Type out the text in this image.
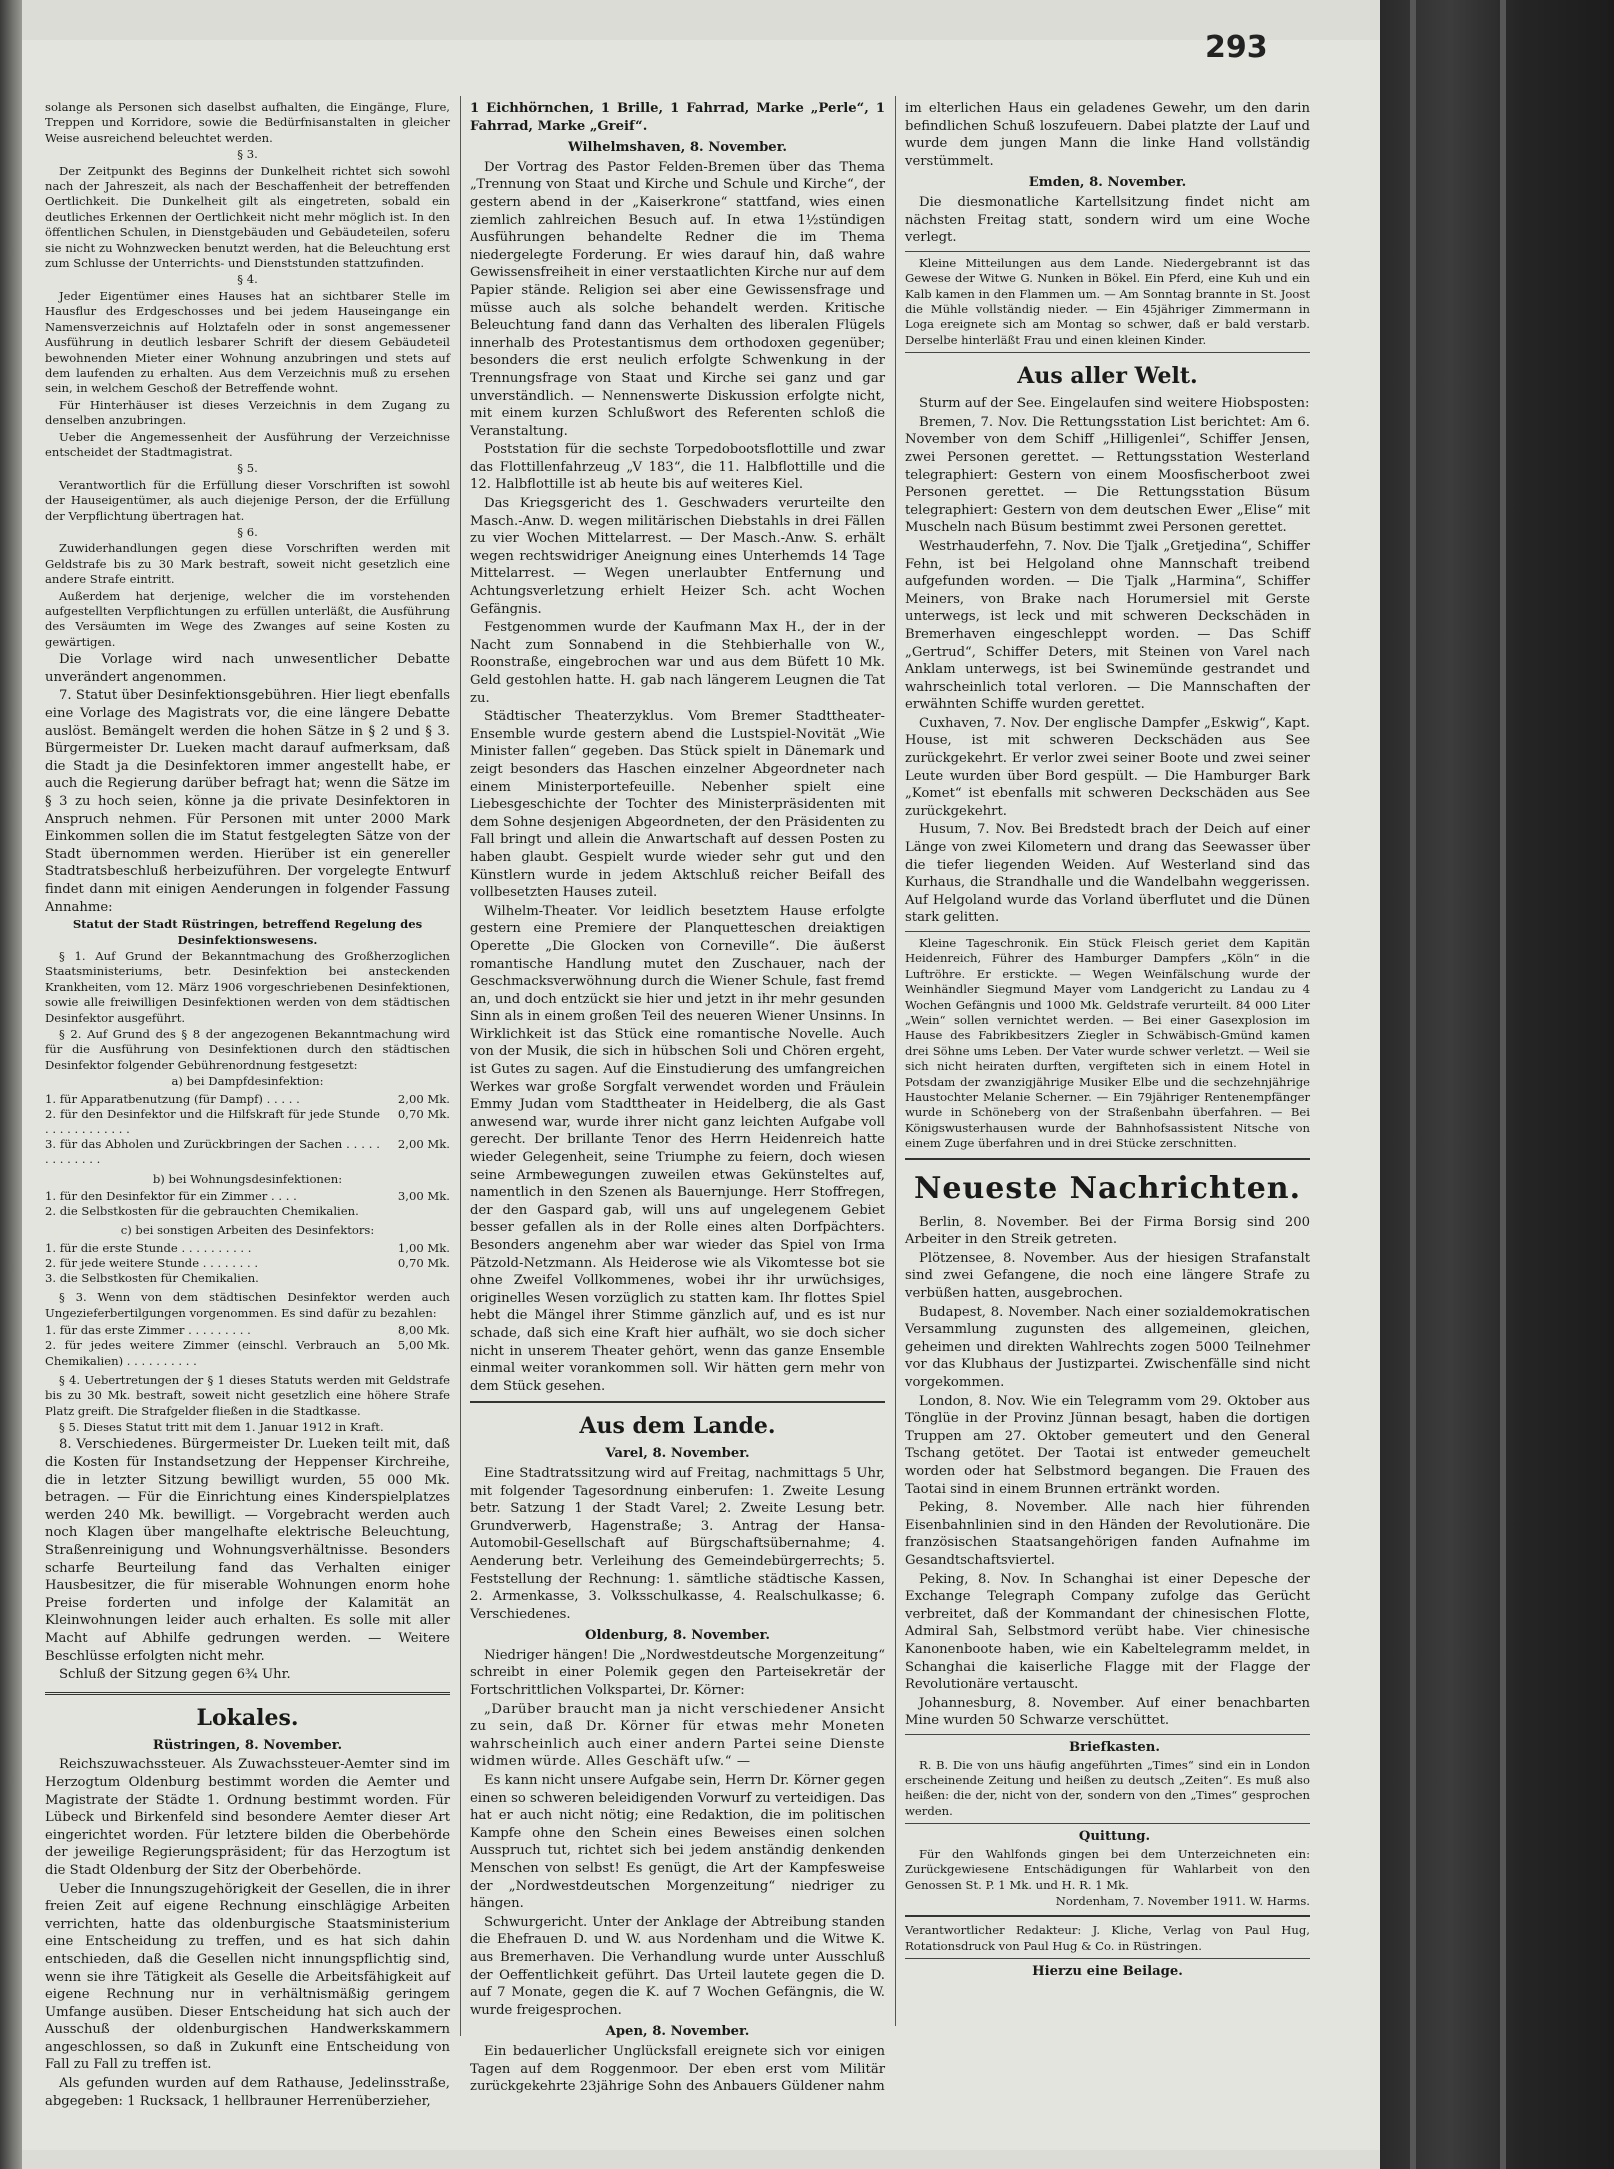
293

solange als Personen sich daselbst aufhalten, die Eingänge, Flure, Treppen und Korridore, sowie die Bedürfnisanstalten in gleicher Weise ausreichend beleuchtet werden.

§ 3.

Der Zeitpunkt des Beginns der Dunkelheit richtet sich sowohl nach der Jahreszeit, als nach der Beschaffenheit der betreffenden Oertlichkeit. Die Dunkelheit gilt als eingetreten, sobald ein deutliches Erkennen der Oertlichkeit nicht mehr möglich ist. In den öffentlichen Schulen, in Dienstgebäuden und Gebäudeteilen, soferu sie nicht zu Wohnzwecken benutzt werden, hat die Beleuchtung erst zum Schlusse der Unterrichts- und Dienststunden stattzufinden.

§ 4.

Jeder Eigentümer eines Hauses hat an sichtbarer Stelle im Hausflur des Erdgeschosses und bei jedem Hauseingange ein Namensverzeichnis auf Holztafeln oder in sonst angemessener Ausführung in deutlich lesbarer Schrift der diesem Gebäudeteil bewohnenden Mieter einer Wohnung anzubringen und stets auf dem laufenden zu erhalten. Aus dem Verzeichnis muß zu ersehen sein, in welchem Geschoß der Betreffende wohnt.

Für Hinterhäuser ist dieses Verzeichnis in dem Zugang zu denselben anzubringen.

Ueber die Angemessenheit der Ausführung der Verzeichnisse entscheidet der Stadtmagistrat.

§ 5.

Verantwortlich für die Erfüllung dieser Vorschriften ist sowohl der Hauseigentümer, als auch diejenige Person, der die Erfüllung der Verpflichtung übertragen hat.

§ 6.

Zuwiderhandlungen gegen diese Vorschriften werden mit Geldstrafe bis zu 30 Mark bestraft, soweit nicht gesetzlich eine andere Strafe eintritt.

Außerdem hat derjenige, welcher die im vorstehenden aufgestellten Verpflichtungen zu erfüllen unterläßt, die Ausführung des Versäumten im Wege des Zwanges auf seine Kosten zu gewärtigen.

Die Vorlage wird nach unwesentlicher Debatte unverändert angenommen.

7. Statut über Desinfektionsgebühren. Hier liegt ebenfalls eine Vorlage des Magistrats vor, die eine längere Debatte auslöst. Bemängelt werden die hohen Sätze in § 2 und § 3. Bürgermeister Dr. Lueken macht darauf aufmerksam, daß die Stadt ja die Desinfektoren immer angestellt habe, er auch die Regierung darüber befragt hat; wenn die Sätze im § 3 zu hoch seien, könne ja die private Desinfektoren in Anspruch nehmen. Für Personen mit unter 2000 Mark Einkommen sollen die im Statut festgelegten Sätze von der Stadt übernommen werden. Hierüber ist ein genereller Stadtratsbeschluß herbeizuführen. Der vorgelegte Entwurf findet dann mit einigen Aenderungen in folgender Fassung Annahme:

Statut der Stadt Rüstringen, betreffend Regelung des Desinfektionswesens.

§ 1. Auf Grund der Bekanntmachung des Großherzoglichen Staatsministeriums, betr. Desinfektion bei ansteckenden Krankheiten, vom 12. März 1906 vorgeschriebenen Desinfektionen, sowie alle freiwilligen Desinfektionen werden von dem städtischen Desinfektor ausgeführt.

§ 2. Auf Grund des § 8 der angezogenen Bekanntmachung wird für die Ausführung von Desinfektionen durch den städtischen Desinfektor folgender Gebührenordnung festgesetzt:

a) bei Dampfdesinfektion:

1. für Apparatbenutzung (für Dampf) . . . . .	2,00 Mk.
2. für den Desinfektor und die Hilfskraft für jede Stunde . . . . . . . . . . . .	0,70 Mk.
3. für das Abholen und Zurückbringen der Sachen . . . . . . . . . . . . .	2,00 Mk.

b) bei Wohnungsdesinfektionen:

1. für den Desinfektor für ein Zimmer . . . .	3,00 Mk.
2. die Selbstkosten für die gebrauchten Chemikalien.	

c) bei sonstigen Arbeiten des Desinfektors:

1. für die erste Stunde . . . . . . . . . .	1,00 Mk.
2. für jede weitere Stunde . . . . . . . .	0,70 Mk.
3. die Selbstkosten für Chemikalien.	

§ 3. Wenn von dem städtischen Desinfektor werden auch Ungezieferbertilgungen vorgenommen. Es sind dafür zu bezahlen:

1. für das erste Zimmer . . . . . . . . .	8,00 Mk.
2. für jedes weitere Zimmer (einschl. Verbrauch an Chemikalien) . . . . . . . . . .	5,00 Mk.

§ 4. Uebertretungen der § 1 dieses Statuts werden mit Geldstrafe bis zu 30 Mk. bestraft, soweit nicht gesetzlich eine höhere Strafe Platz greift. Die Strafgelder fließen in die Stadtkasse.

§ 5. Dieses Statut tritt mit dem 1. Januar 1912 in Kraft.

8. Verschiedenes. Bürgermeister Dr. Lueken teilt mit, daß die Kosten für Instandsetzung der Heppenser Kirchreihe, die in letzter Sitzung bewilligt wurden, 55 000 Mk. betragen. — Für die Einrichtung eines Kinderspielplatzes werden 240 Mk. bewilligt. — Vorgebracht werden auch noch Klagen über mangelhafte elektrische Beleuchtung, Straßenreinigung und Wohnungsverhältnisse. Besonders scharfe Beurteilung fand das Verhalten einiger Hausbesitzer, die für miserable Wohnungen enorm hohe Preise forderten und infolge der Kalamität an Kleinwohnungen leider auch erhalten. Es solle mit aller Macht auf Abhilfe gedrungen werden. — Weitere Beschlüsse erfolgten nicht mehr.

Schluß der Sitzung gegen 6¾ Uhr.

Lokales.

Rüstringen, 8. November.

Reichszuwachssteuer. Als Zuwachssteuer-Aemter sind im Herzogtum Oldenburg bestimmt worden die Aemter und Magistrate der Städte 1. Ordnung bestimmt worden. Für Lübeck und Birkenfeld sind besondere Aemter dieser Art eingerichtet worden. Für letztere bilden die Oberbehörde der jeweilige Regierungspräsident; für das Herzogtum ist die Stadt Oldenburg der Sitz der Oberbehörde.

Ueber die Innungszugehörigkeit der Gesellen, die in ihrer freien Zeit auf eigene Rechnung einschlägige Arbeiten verrichten, hatte das oldenburgische Staatsministerium eine Entscheidung zu treffen, und es hat sich dahin entschieden, daß die Gesellen nicht innungspflichtig sind, wenn sie ihre Tätigkeit als Geselle die Arbeitsfähigkeit auf eigene Rechnung nur in verhältnismäßig geringem Umfange ausüben. Dieser Entscheidung hat sich auch der Ausschuß der oldenburgischen Handwerkskammern angeschlossen, so daß in Zukunft eine Entscheidung von Fall zu Fall zu treffen ist.

Als gefunden wurden auf dem Rathause, Jedelinsstraße, abgegeben: 1 Rucksack, 1 hellbrauner Herrenüberzieher,

1 Eichhörnchen, 1 Brille, 1 Fahrrad, Marke „Perle“, 1 Fahrrad, Marke „Greif“.

Wilhelmshaven, 8. November.

Der Vortrag des Pastor Felden-Bremen über das Thema „Trennung von Staat und Kirche und Schule und Kirche“, der gestern abend in der „Kaiserkrone“ stattfand, wies einen ziemlich zahlreichen Besuch auf. In etwa 1½stündigen Ausführungen behandelte Redner die im Thema niedergelegte Forderung. Er wies darauf hin, daß wahre Gewissensfreiheit in einer verstaatlichten Kirche nur auf dem Papier stände. Religion sei aber eine Gewissensfrage und müsse auch als solche behandelt werden. Kritische Beleuchtung fand dann das Verhalten des liberalen Flügels innerhalb des Protestantismus dem orthodoxen gegenüber; besonders die erst neulich erfolgte Schwenkung in der Trennungsfrage von Staat und Kirche sei ganz und gar unverständlich. — Nennenswerte Diskussion erfolgte nicht, mit einem kurzen Schlußwort des Referenten schloß die Veranstaltung.

Poststation für die sechste Torpedobootsflottille und zwar das Flottillenfahrzeug „V 183“, die 11. Halbflottille und die 12. Halbflottille ist ab heute bis auf weiteres Kiel.

Das Kriegsgericht des 1. Geschwaders verurteilte den Masch.-Anw. D. wegen militärischen Diebstahls in drei Fällen zu vier Wochen Mittelarrest. — Der Masch.-Anw. S. erhält wegen rechtswidriger Aneignung eines Unterhemds 14 Tage Mittelarrest. — Wegen unerlaubter Entfernung und Achtungsverletzung erhielt Heizer Sch. acht Wochen Gefängnis.

Festgenommen wurde der Kaufmann Max H., der in der Nacht zum Sonnabend in die Stehbierhalle von W., Roonstraße, eingebrochen war und aus dem Büfett 10 Mk. Geld gestohlen hatte. H. gab nach längerem Leugnen die Tat zu.

Städtischer Theaterzyklus. Vom Bremer Stadttheater-Ensemble wurde gestern abend die Lustspiel-Novität „Wie Minister fallen“ gegeben. Das Stück spielt in Dänemark und zeigt besonders das Haschen einzelner Abgeordneter nach einem Ministerportefeuille. Nebenher spielt eine Liebesgeschichte der Tochter des Ministerpräsidenten mit dem Sohne desjenigen Abgeordneten, der den Präsidenten zu Fall bringt und allein die Anwartschaft auf dessen Posten zu haben glaubt. Gespielt wurde wieder sehr gut und den Künstlern wurde in jedem Aktschluß reicher Beifall des vollbesetzten Hauses zuteil.

Wilhelm-Theater. Vor leidlich besetztem Hause erfolgte gestern eine Premiere der Planquetteschen dreiaktigen Operette „Die Glocken von Corneville“. Die äußerst romantische Handlung mutet den Zuschauer, nach der Geschmacksverwöhnung durch die Wiener Schule, fast fremd an, und doch entzückt sie hier und jetzt in ihr mehr gesunden Sinn als in einem großen Teil des neueren Wiener Unsinns. In Wirklichkeit ist das Stück eine romantische Novelle. Auch von der Musik, die sich in hübschen Soli und Chören ergeht, ist Gutes zu sagen. Auf die Einstudierung des umfangreichen Werkes war große Sorgfalt verwendet worden und Fräulein Emmy Judan vom Stadttheater in Heidelberg, die als Gast anwesend war, wurde ihrer nicht ganz leichten Aufgabe voll gerecht. Der brillante Tenor des Herrn Heidenreich hatte wieder Gelegenheit, seine Triumphe zu feiern, doch wiesen seine Armbewegungen zuweilen etwas Gekünsteltes auf, namentlich in den Szenen als Bauernjunge. Herr Stoffregen, der den Gaspard gab, will uns auf ungelegenem Gebiet besser gefallen als in der Rolle eines alten Dorfpächters. Besonders angenehm aber war wieder das Spiel von Irma Pätzold-Netzmann. Als Heiderose wie als Vikomtesse bot sie ohne Zweifel Vollkommenes, wobei ihr ihr urwüchsiges, originelles Wesen vorzüglich zu statten kam. Ihr flottes Spiel hebt die Mängel ihrer Stimme gänzlich auf, und es ist nur schade, daß sich eine Kraft hier aufhält, wo sie doch sicher nicht in unserem Theater gehört, wenn das ganze Ensemble einmal weiter vorankommen soll. Wir hätten gern mehr von dem Stück gesehen.

Aus dem Lande.

Varel, 8. November.

Eine Stadtratssitzung wird auf Freitag, nachmittags 5 Uhr, mit folgender Tagesordnung einberufen: 1. Zweite Lesung betr. Satzung 1 der Stadt Varel; 2. Zweite Lesung betr. Grundverwerb, Hagenstraße; 3. Antrag der Hansa-Automobil-Gesellschaft auf Bürgschaftsübernahme; 4. Aenderung betr. Verleihung des Gemeindebürgerrechts; 5. Feststellung der Rechnung: 1. sämtliche städtische Kassen, 2. Armenkasse, 3. Volksschulkasse, 4. Realschulkasse; 6. Verschiedenes.

Oldenburg, 8. November.

Niedriger hängen! Die „Nordwestdeutsche Morgenzeitung“ schreibt in einer Polemik gegen den Parteisekretär der Fortschrittlichen Volkspartei, Dr. Körner:

„Darüber braucht man ja nicht verschiedener Ansicht zu sein, daß Dr. Körner für etwas mehr Moneten wahrscheinlich auch einer andern Partei seine Dienste widmen würde. Alles Geschäft uſw.“ —

Es kann nicht unsere Aufgabe sein, Herrn Dr. Körner gegen einen so schweren beleidigenden Vorwurf zu verteidigen. Das hat er auch nicht nötig; eine Redaktion, die im politischen Kampfe ohne den Schein eines Beweises einen solchen Ausspruch tut, richtet sich bei jedem anständig denkenden Menschen von selbst! Es genügt, die Art der Kampfesweise der „Nordwestdeutschen Morgenzeitung“ niedriger zu hängen.

Schwurgericht. Unter der Anklage der Abtreibung standen die Ehefrauen D. und W. aus Nordenham und die Witwe K. aus Bremerhaven. Die Verhandlung wurde unter Ausschluß der Oeffentlichkeit geführt. Das Urteil lautete gegen die D. auf 7 Monate, gegen die K. auf 7 Wochen Gefängnis, die W. wurde freigesprochen.

Apen, 8. November.

Ein bedauerlicher Unglücksfall ereignete sich vor einigen Tagen auf dem Roggenmoor. Der eben erst vom Militär zurückgekehrte 23jährige Sohn des Anbauers Güldener nahm

im elterlichen Haus ein geladenes Gewehr, um den darin befindlichen Schuß loszufeuern. Dabei platzte der Lauf und wurde dem jungen Mann die linke Hand vollständig verstümmelt.

Emden, 8. November.

Die diesmonatliche Kartellsitzung findet nicht am nächsten Freitag statt, sondern wird um eine Woche verlegt.

Kleine Mitteilungen aus dem Lande. Niedergebrannt ist das Gewese der Witwe G. Nunken in Bökel. Ein Pferd, eine Kuh und ein Kalb kamen in den Flammen um. — Am Sonntag brannte in St. Joost die Mühle vollständig nieder. — Ein 45jähriger Zimmermann in Loga ereignete sich am Montag so schwer, daß er bald verstarb. Derselbe hinterläßt Frau und einen kleinen Kinder.

Aus aller Welt.

Sturm auf der See. Eingelaufen sind weitere Hiobsposten:

Bremen, 7. Nov. Die Rettungsstation List berichtet: Am 6. November von dem Schiff „Hilligenlei“, Schiffer Jensen, zwei Personen gerettet. — Rettungsstation Westerland telegraphiert: Gestern von einem Moosfischerboot zwei Personen gerettet. — Die Rettungsstation Büsum telegraphiert: Gestern von dem deutschen Ewer „Elise“ mit Muscheln nach Büsum bestimmt zwei Personen gerettet.

Westrhauderfehn, 7. Nov. Die Tjalk „Gretjedina“, Schiffer Fehn, ist bei Helgoland ohne Mannschaft treibend aufgefunden worden. — Die Tjalk „Harmina“, Schiffer Meiners, von Brake nach Horumersiel mit Gerste unterwegs, ist leck und mit schweren Deckschäden in Bremerhaven eingeschleppt worden. — Das Schiff „Gertrud“, Schiffer Deters, mit Steinen von Varel nach Anklam unterwegs, ist bei Swinemünde gestrandet und wahrscheinlich total verloren. — Die Mannschaften der erwähnten Schiffe wurden gerettet.

Cuxhaven, 7. Nov. Der englische Dampfer „Eskwig“, Kapt. House, ist mit schweren Deckschäden aus See zurückgekehrt. Er verlor zwei seiner Boote und zwei seiner Leute wurden über Bord gespült. — Die Hamburger Bark „Komet“ ist ebenfalls mit schweren Deckschäden aus See zurückgekehrt.

Husum, 7. Nov. Bei Bredstedt brach der Deich auf einer Länge von zwei Kilometern und drang das Seewasser über die tiefer liegenden Weiden. Auf Westerland sind das Kurhaus, die Strandhalle und die Wandelbahn weggerissen. Auf Helgoland wurde das Vorland überflutet und die Dünen stark gelitten.

Kleine Tageschronik. Ein Stück Fleisch geriet dem Kapitän Heidenreich, Führer des Hamburger Dampfers „Köln“ in die Luftröhre. Er erstickte. — Wegen Weinfälschung wurde der Weinhändler Siegmund Mayer vom Landgericht zu Landau zu 4 Wochen Gefängnis und 1000 Mk. Geldstrafe verurteilt. 84 000 Liter „Wein“ sollen vernichtet werden. — Bei einer Gasexplosion im Hause des Fabrikbesitzers Ziegler in Schwäbisch-Gmünd kamen drei Söhne ums Leben. Der Vater wurde schwer verletzt. — Weil sie sich nicht heiraten durften, vergifteten sich in einem Hotel in Potsdam der zwanzigjährige Musiker Elbe und die sechzehnjährige Haustochter Melanie Scherner. — Ein 79jähriger Rentenempfänger wurde in Schöneberg von der Straßenbahn überfahren. — Bei Königswusterhausen wurde der Bahnhofsassistent Nitsche von einem Zuge überfahren und in drei Stücke zerschnitten.

Neueste Nachrichten.

Berlin, 8. November. Bei der Firma Borsig sind 200 Arbeiter in den Streik getreten.

Plötzensee, 8. November. Aus der hiesigen Strafanstalt sind zwei Gefangene, die noch eine längere Strafe zu verbüßen hatten, ausgebrochen.

Budapest, 8. November. Nach einer sozialdemokratischen Versammlung zugunsten des allgemeinen, gleichen, geheimen und direkten Wahlrechts zogen 5000 Teilnehmer vor das Klubhaus der Justizpartei. Zwischenfälle sind nicht vorgekommen.

London, 8. Nov. Wie ein Telegramm vom 29. Oktober aus Tönglüe in der Provinz Jünnan besagt, haben die dortigen Truppen am 27. Oktober gemeutert und den General Tschang getötet. Der Taotai ist entweder gemeuchelt worden oder hat Selbstmord begangen. Die Frauen des Taotai sind in einem Brunnen ertränkt worden.

Peking, 8. November. Alle nach hier führenden Eisenbahnlinien sind in den Händen der Revolutionäre. Die französischen Staatsangehörigen fanden Aufnahme im Gesandtschaftsviertel.

Peking, 8. Nov. In Schanghai ist einer Depesche der Exchange Telegraph Company zufolge das Gerücht verbreitet, daß der Kommandant der chinesischen Flotte, Admiral Sah, Selbstmord verübt habe. Vier chinesische Kanonenboote haben, wie ein Kabeltelegramm meldet, in Schanghai die kaiserliche Flagge mit der Flagge der Revolutionäre vertauscht.

Johannesburg, 8. November. Auf einer benachbarten Mine wurden 50 Schwarze verschüttet.

Briefkasten.

R. B. Die von uns häufig angeführten „Times“ sind ein in London erscheinende Zeitung und heißen zu deutsch „Zeiten“. Es muß also heißen: die der, nicht von der, sondern von den „Times“ gesprochen werden.

Quittung.

Für den Wahlfonds gingen bei dem Unterzeichneten ein: Zurückgewiesene Entschädigungen für Wahlarbeit von den Genossen St. P. 1 Mk. und H. R. 1 Mk.

Nordenham, 7. November 1911. W. Harms.

Verantwortlicher Redakteur: J. Kliche, Verlag von Paul Hug, Rotationsdruck von Paul Hug & Co. in Rüstringen.

Hierzu eine Beilage.
